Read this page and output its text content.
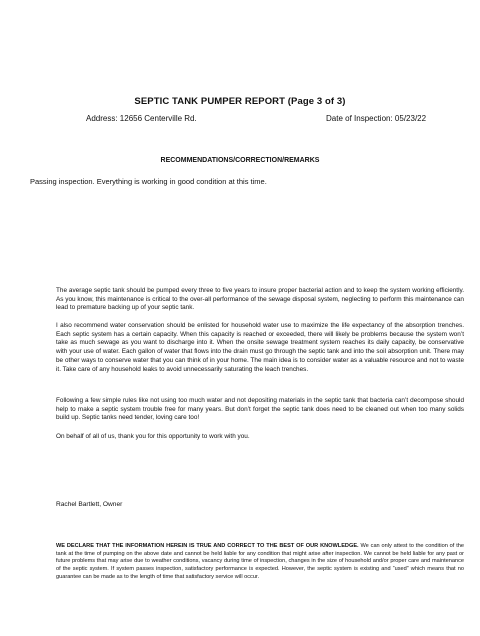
SEPTIC TANK PUMPER REPORT (Page 3 of 3)
Address: 12656 Centerville Rd.	Date of Inspection: 05/23/22
RECOMMENDATIONS/CORRECTION/REMARKS
Passing inspection. Everything is working in good condition at this time.

The average septic tank should be pumped every three to five years to insure proper bacterial action and to keep the system working efficiently. As you know, this maintenance is critical to the over-all performance of the sewage disposal system, neglecting to perform this maintenance can lead to premature backing up of your septic tank.

I also recommend water conservation should be enlisted for household water use to maximize the life expectancy of the absorption trenches. Each septic system has a certain capacity. When this capacity is reached or exceeded, there will likely be problems because the system won’t take as much sewage as you want to discharge into it. When the onsite sewage treatment system reaches its daily capacity, be conservative with your use of water. Each gallon of water that flows into the drain must go through the septic tank and into the soil absorption unit. There may be other ways to conserve water that you can think of in your home. The main idea is to consider water as a valuable resource and not to waste it. Take care of any household leaks to avoid unnecessarily saturating the leach trenches.

Following a few simple rules like not using too much water and not depositing materials in the septic tank that bacteria can’t decompose should help to make a septic system trouble free for many years. But don’t forget the septic tank does need to be cleaned out when too many solids build up. Septic tanks need tender, loving care too!

On behalf of all of us, thank you for this opportunity to work with you.

Rachel Bartlett, Owner

WE DECLARE THAT THE INFORMATION HEREIN IS TRUE AND CORRECT TO THE BEST OF OUR KNOWLEDGE. We can only attest to the condition of the tank at the time of pumping on the above date and cannot be held liable for any condition that might arise after inspection. We cannot be held liable for any past or future problems that may arise due to weather conditions, vacancy during time of inspection, changes in the size of household and/or proper care and maintenance of the septic system. If system passes inspection, satisfactory performance is expected. However, the septic system is existing and “used” which means that no guarantee can be made as to the length of time that satisfactory service will occur.
